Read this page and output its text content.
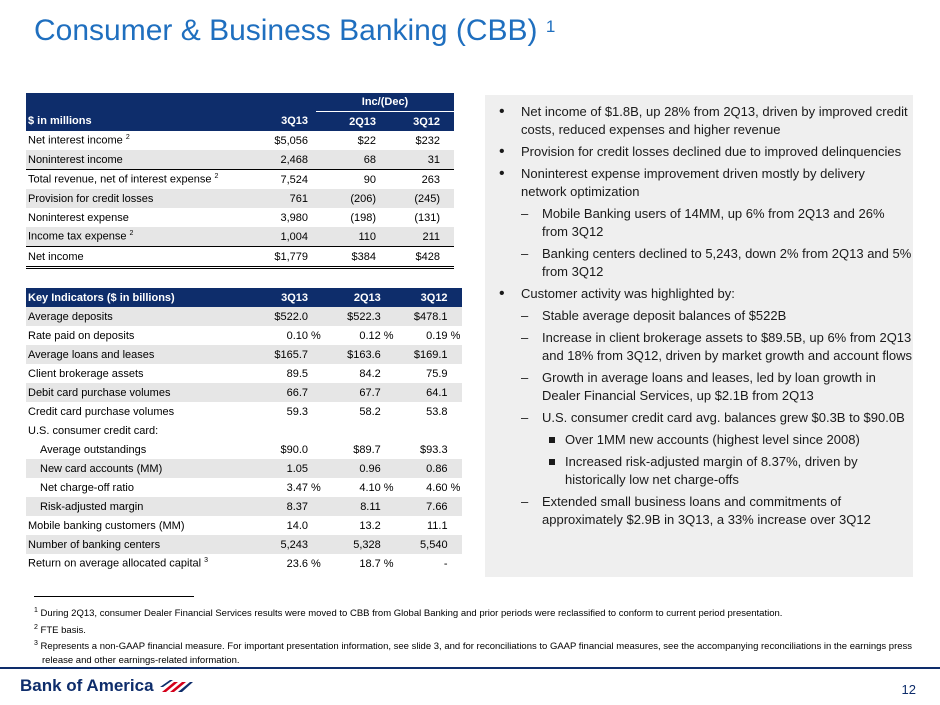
Consumer & Business Banking (CBB) $^1$
			Inc/(Dec)			
$ in millions	3Q13		2Q13		3Q12	
Net interest income $^2$	$5,056		$22		$232	
Noninterest income	2,468		68		31	
Total revenue, net of interest expense $^2$	7,524		90		263	
Provision for credit losses	761		(206)		(245)	
Noninterest expense	3,980		(198)		(131)	
Income tax expense $^2$	1,004		110		211	
Net income	$1,779		$384		$428	
Key Indicators ($ in billions)	3Q13		2Q13		3Q12	
Average deposits	$522.0		$522.3		$478.1	
Rate paid on deposits	0.10	%	0.12	%	0.19	%
Average loans and leases	$165.7		$163.6		$169.1	
Client brokerage assets	89.5		84.2		75.9	
Debit card purchase volumes	66.7		67.7		64.1	
Credit card purchase volumes	59.3		58.2		53.8	
U.S. consumer credit card:						
Average outstandings	$90.0		$89.7		$93.3	
New card accounts (MM)	1.05		0.96		0.86	
Net charge-off ratio	3.47	%	4.10	%	4.60	%
Risk-adjusted margin	8.37		8.11		7.66	
Mobile banking customers (MM)	14.0		13.2		11.1	
Number of banking centers	5,243		5,328		5,540	
Return on average allocated capital $^3$	23.6	%	18.7	%	-	
• Net income of $1.8B, up 28% from 2Q13, driven by improved credit costs, reduced expenses and higher revenue
• Provision for credit losses declined due to improved delinquencies
• Noninterest expense improvement driven mostly by delivery network optimization
– Mobile Banking users of 14MM, up 6% from 2Q13 and 26% from 3Q12
– Banking centers declined to 5,243, down 2% from 2Q13 and 5% from 3Q12
• Customer activity was highlighted by:
– Stable average deposit balances of $522B
– Increase in client brokerage assets to $89.5B, up 6% from 2Q13 and 18% from 3Q12, driven by market growth and account flows
– Growth in average loans and leases, led by loan growth in Dealer Financial Services, up $2.1B from 2Q13
– U.S. consumer credit card avg. balances grew $0.3B to $90.0B
Over 1MM new accounts (highest level since 2008)
Increased risk-adjusted margin of 8.37%, driven by historically low net charge-offs
– Extended small business loans and commitments of approximately $2.9B in 3Q13, a 33% increase over 3Q12
$^1$ During 2Q13, consumer Dealer Financial Services results were moved to CBB from Global Banking and prior periods were reclassified to conform to current period presentation.
$^2$ FTE basis.
$^3$ Represents a non-GAAP financial measure. For important presentation information, see slide 3, and for reconciliations to GAAP financial measures, see the accompanying reconciliations in the earnings press release and other earnings-related information.
Bank of America	12
